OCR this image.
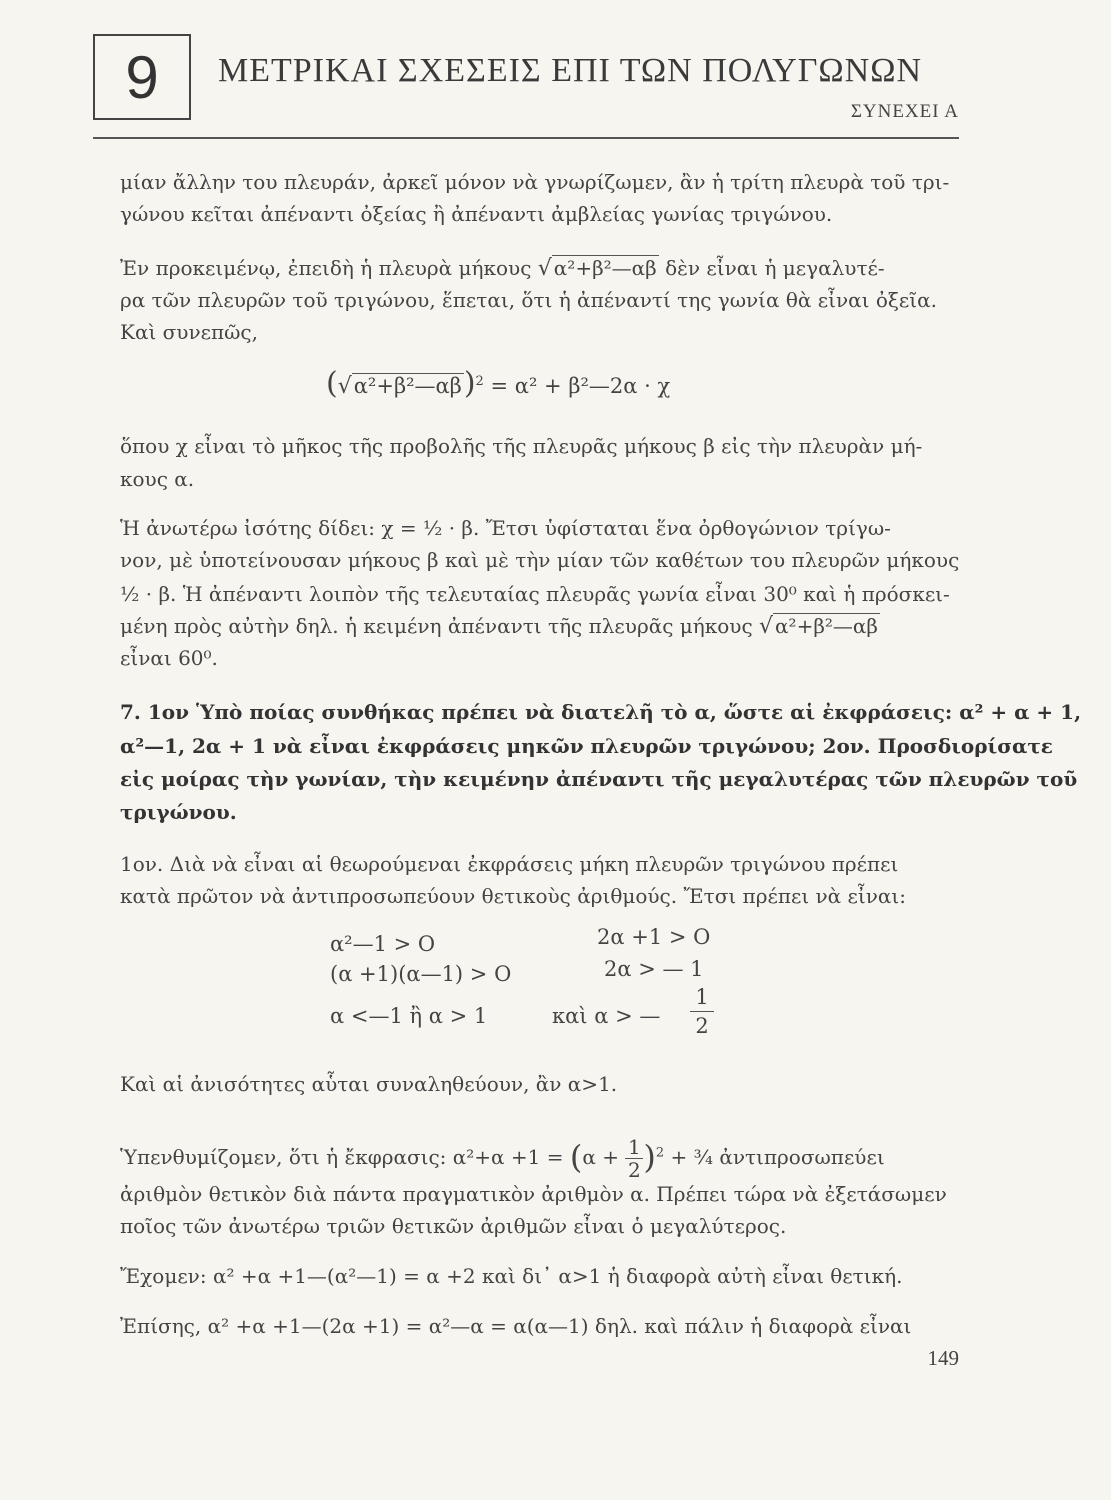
9 ΜΕΤΡΙΚΑΙ ΣΧΕΣΕΙΣ ΕΠΙ ΤΩΝ ΠΟΛΥΓΩΝΩΝ
ΣΥΝΕΧΕΙ Α
μίαν ἄλλην του πλευράν, ἀρκεῖ μόνον νὰ γνωρίζωμεν, ἂν ἡ τρίτη πλευρὰ τοῦ τρι-
γώνου κεῖται ἀπέναντι ὀξείας ἢ ἀπέναντι ἀμβλείας γωνίας τριγώνου.
Ἐν προκειμένῳ, ἐπειδὴ ἡ πλευρὰ μήκους √ α²+β²—αβ δὲν εἶναι ἡ μεγαλυτέ-
ρα τῶν πλευρῶν τοῦ τριγώνου, ἕπεται, ὅτι ἡ ἀπέναντί της γωνία θὰ εἶναι ὀξεῖα.
Καὶ συνεπῶς,
(√α²+β²—αβ)$^2$ = α² + β²—2α · χ
ὅπου χ εἶναι τὸ μῆκος τῆς προβολῆς τῆς πλευρᾶς μήκους β εἰς τὴν πλευρὰν μή-
κους α.
Ἡ ἀνωτέρω ἰσότης δίδει: χ = ½ · β. Ἔτσι ὑφίσταται ἕνα ὀρθογώνιον τρίγω-
νον, μὲ ὑποτείνουσαν μήκους β καὶ μὲ τὴν μίαν τῶν καθέτων του πλευρῶν μήκους
½ · β. Ἡ ἀπέναντι λοιπὸν τῆς τελευταίας πλευρᾶς γωνία εἶναι 30⁰ καὶ ἡ πρόσκει-
μένη πρὸς αὐτὴν δηλ. ἡ κειμένη ἀπέναντι τῆς πλευρᾶς μήκους √ α²+β²—αβ
εἶναι 60⁰.
7. 1ον Ὑπὸ ποίας συνθήκας πρέπει νὰ διατελῆ τὸ α, ὥστε αἱ ἐκφράσεις: α² + α + 1,
α²—1, 2α + 1 νὰ εἶναι ἐκφράσεις μηκῶν πλευρῶν τριγώνου; 2ον. Προσδιορίσατε
εἰς μοίρας τὴν γωνίαν, τὴν κειμένην ἀπέναντι τῆς μεγαλυτέρας τῶν πλευρῶν τοῦ
τριγώνου.
1ον. Διὰ νὰ εἶναι αἱ θεωρούμεναι ἐκφράσεις μήκη πλευρῶν τριγώνου πρέπει
κατὰ πρῶτον νὰ ἀντιπροσωπεύουν θετικοὺς ἀριθμούς. Ἔτσι πρέπει νὰ εἶναι:
α²—1 > Ο
(α +1)(α—1) > Ο
α <—1 ἢ α > 1
2α +1 > Ο
2α > — 1
καὶ α > —
1
2
Καὶ αἱ ἀνισότητες αὗται συναληθεύουν, ἂν α>1.
Ὑπενθυμίζομεν, ὅτι ἡ ἔκφρασις: $\alpha^2+\alpha +1 = (\alpha + \frac{1}{2} )^2$ + ¾ ἀντιπροσωπεύει
ἀριθμὸν θετικὸν διὰ πάντα πραγματικὸν ἀριθμὸν α. Πρέπει τώρα νὰ ἐξετάσωμεν
ποῖος τῶν ἀνωτέρω τριῶν θετικῶν ἀριθμῶν εἶναι ὁ μεγαλύτερος.
Ἔχομεν: α² +α +1—(α²—1) = α +2 καὶ δι᾿ α>1 ἡ διαφορὰ αὐτὴ εἶναι θετική.
Ἐπίσης, α² +α +1—(2α +1) = α²—α = α(α—1) δηλ. καὶ πάλιν ἡ διαφορὰ εἶναι
149
